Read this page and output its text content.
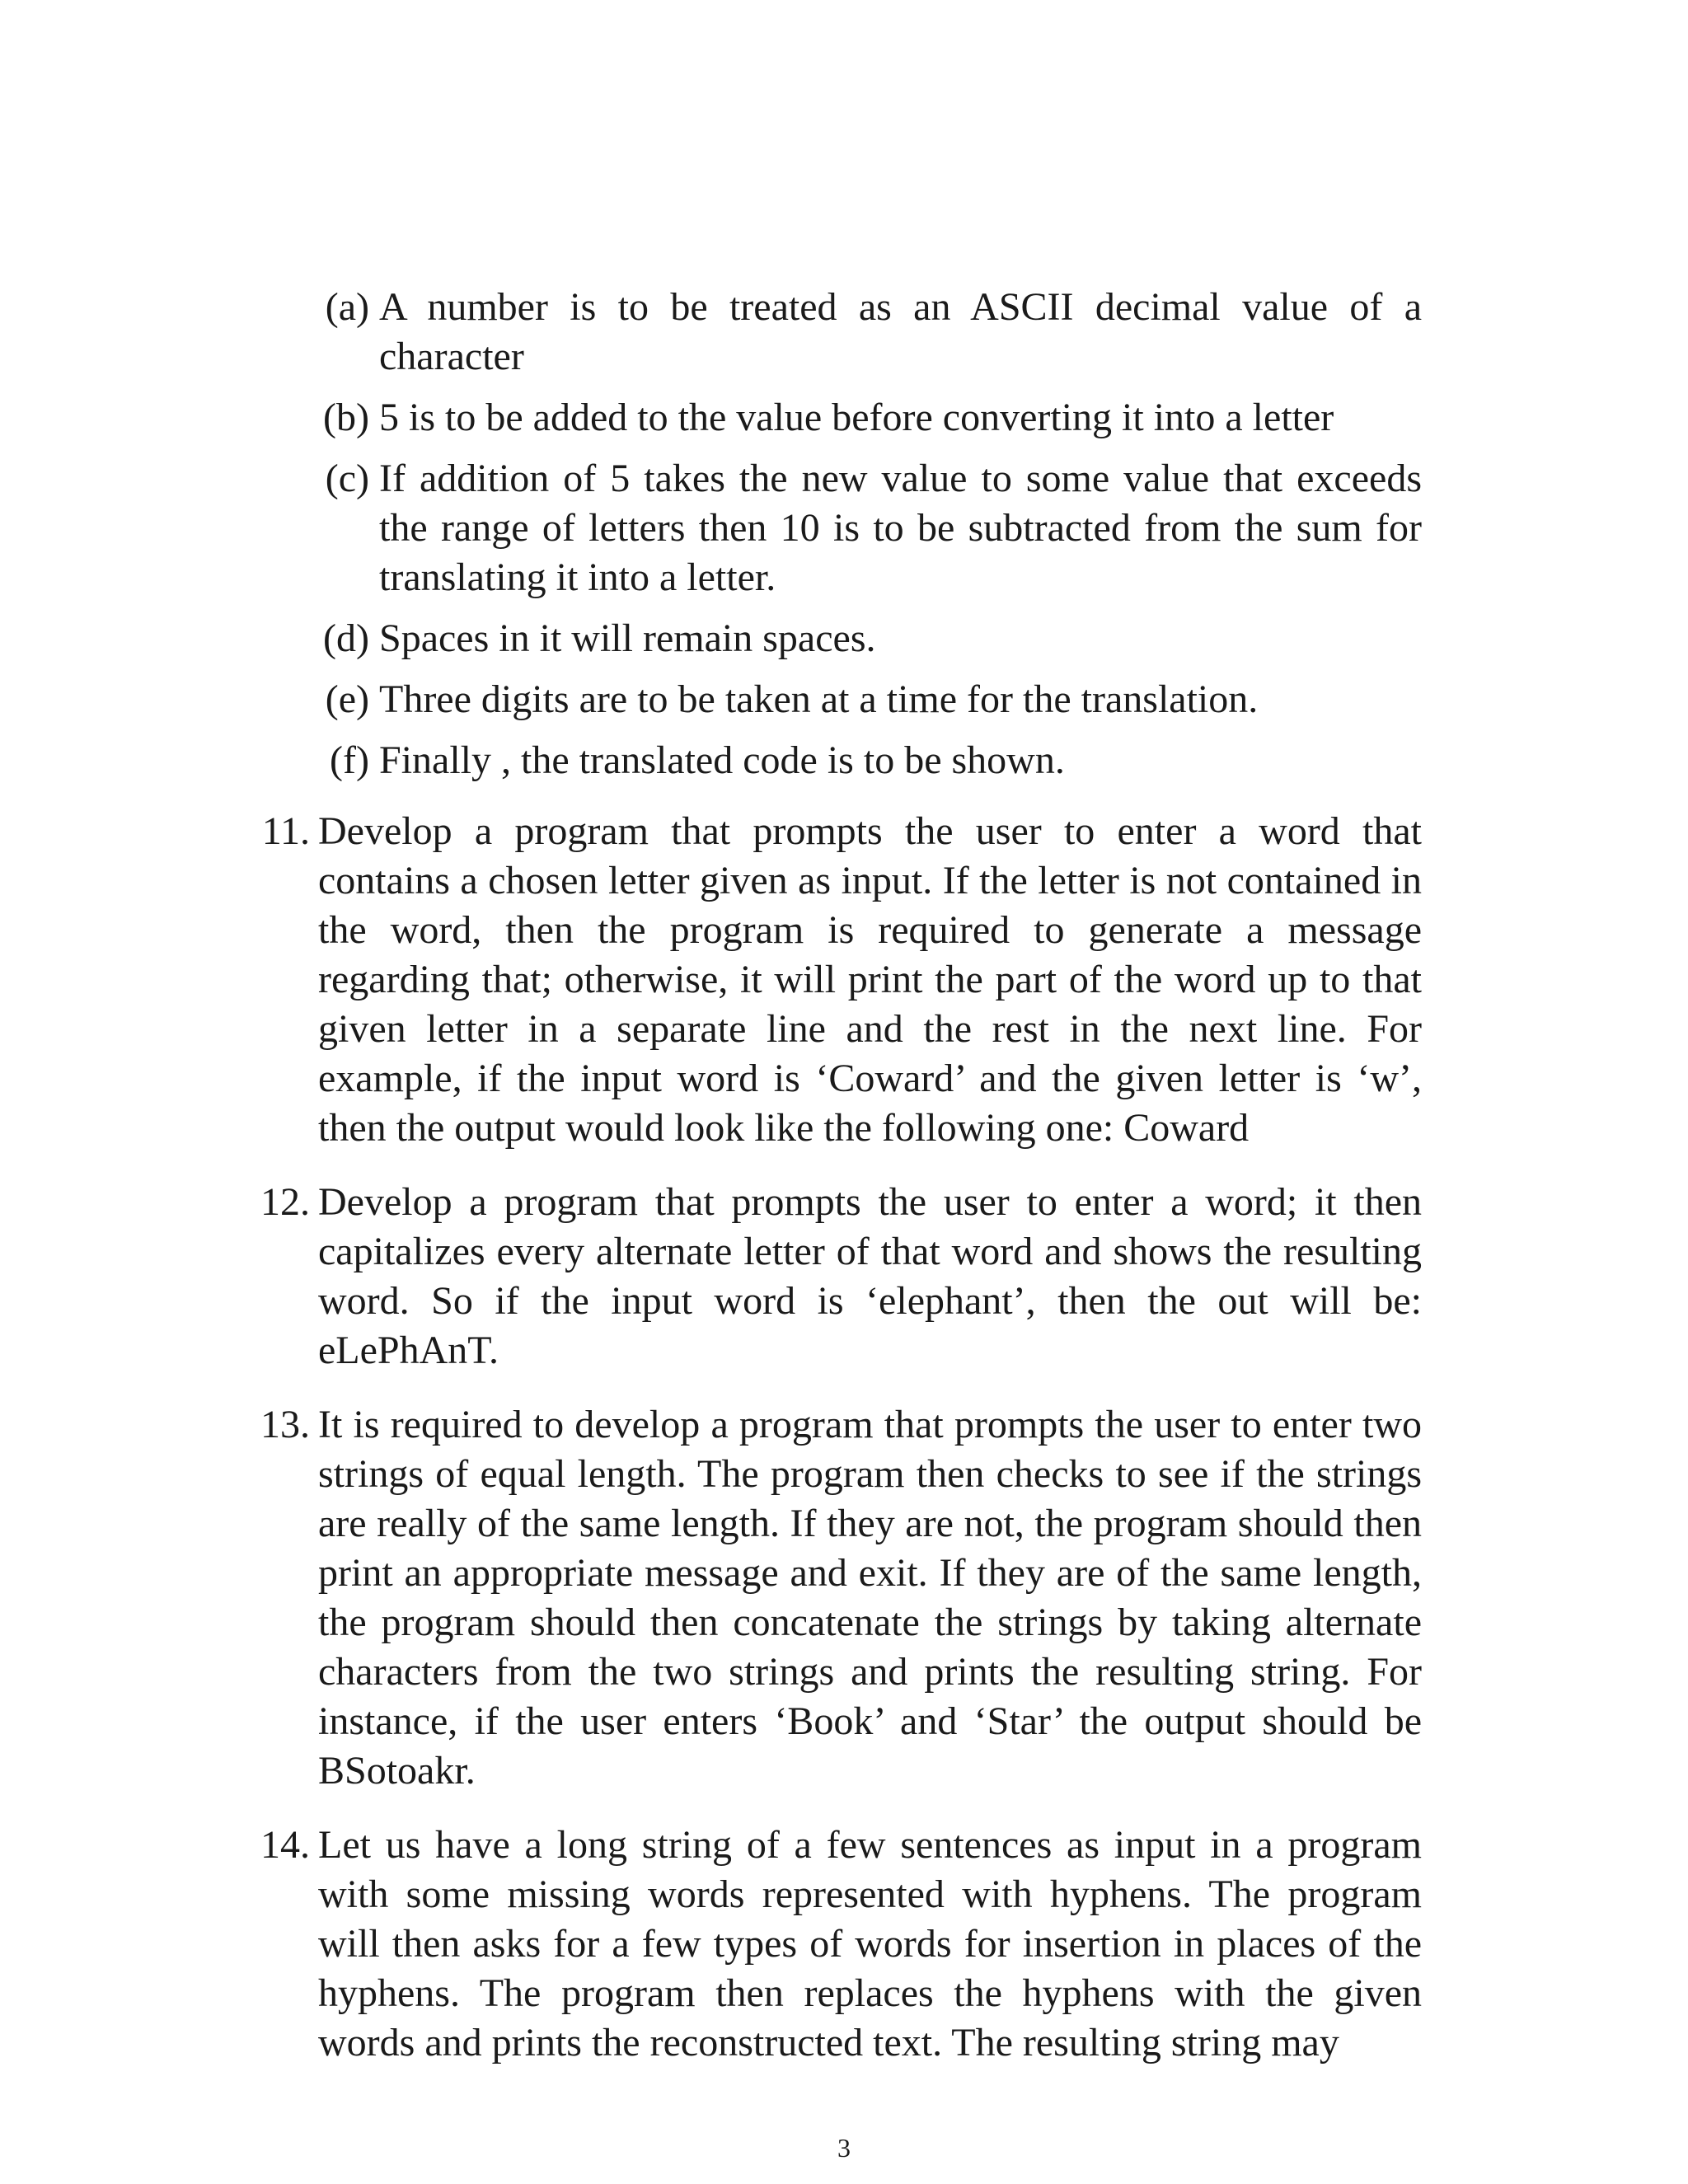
(a) A number is to be treated as an ASCII decimal value of a character
(b) 5 is to be added to the value before converting it into a letter
(c) If addition of 5 takes the new value to some value that exceeds the range of letters then 10 is to be subtracted from the sum for translating it into a letter.
(d) Spaces in it will remain spaces.
(e) Three digits are to be taken at a time for the translation.
(f) Finally , the translated code is to be shown.
11. Develop a program that prompts the user to enter a word that contains a chosen letter given as input. If the letter is not contained in the word, then the program is required to generate a message regarding that; otherwise, it will print the part of the word up to that given letter in a separate line and the rest in the next line. For example, if the input word is ‘Coward’ and the given letter is ‘w’, then the output would look like the following one: Coward
12. Develop a program that prompts the user to enter a word; it then capitalizes every alternate letter of that word and shows the resulting word. So if the input word is ‘elephant’, then the out will be: eLePhAnT.
13. It is required to develop a program that prompts the user to enter two strings of equal length. The program then checks to see if the strings are really of the same length. If they are not, the program should then print an appropriate message and exit. If they are of the same length, the program should then concatenate the strings by taking alternate characters from the two strings and prints the resulting string. For instance, if the user enters ‘Book’ and ‘Star’ the output should be BSotoakr.
14. Let us have a long string of a few sentences as input in a program with some missing words represented with hyphens. The program will then asks for a few types of words for insertion in places of the hyphens. The program then replaces the hyphens with the given words and prints the reconstructed text. The resulting string may
3
